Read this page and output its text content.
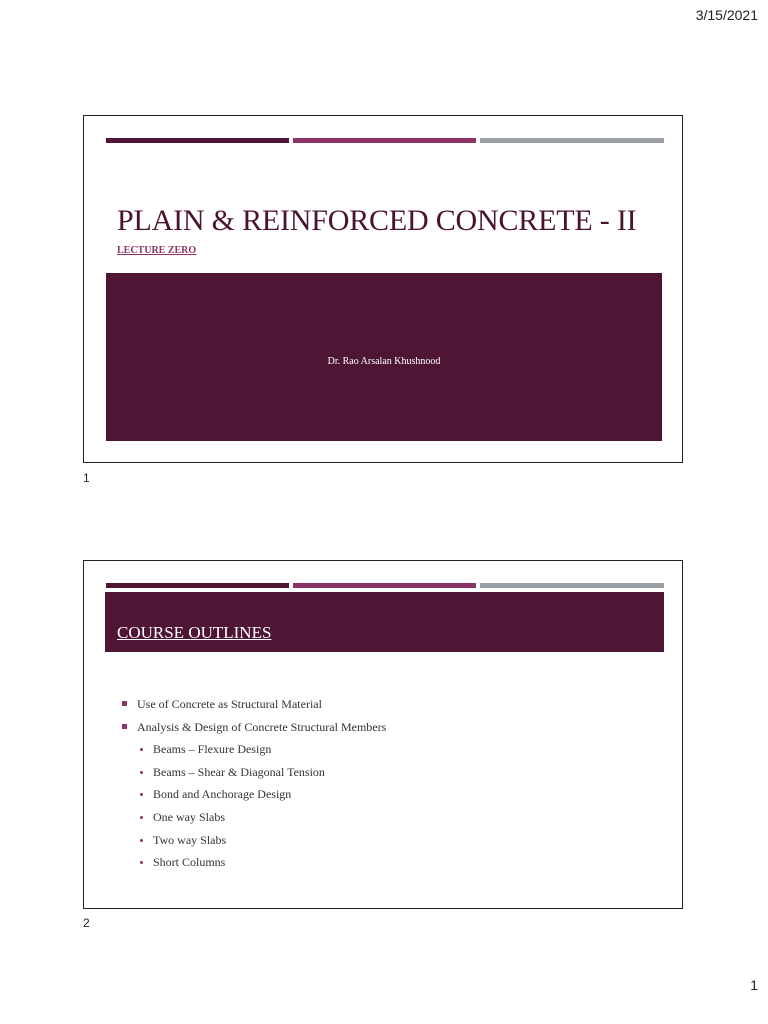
3/15/2021
PLAIN & REINFORCED CONCRETE - II
LECTURE ZERO
Dr. Rao Arsalan Khushnood
1
COURSE OUTLINES
Use of Concrete as Structural Material
Analysis & Design of Concrete Structural Members
Beams – Flexure Design
Beams – Shear & Diagonal Tension
Bond and Anchorage Design
One way Slabs
Two way Slabs
Short Columns
2
1
